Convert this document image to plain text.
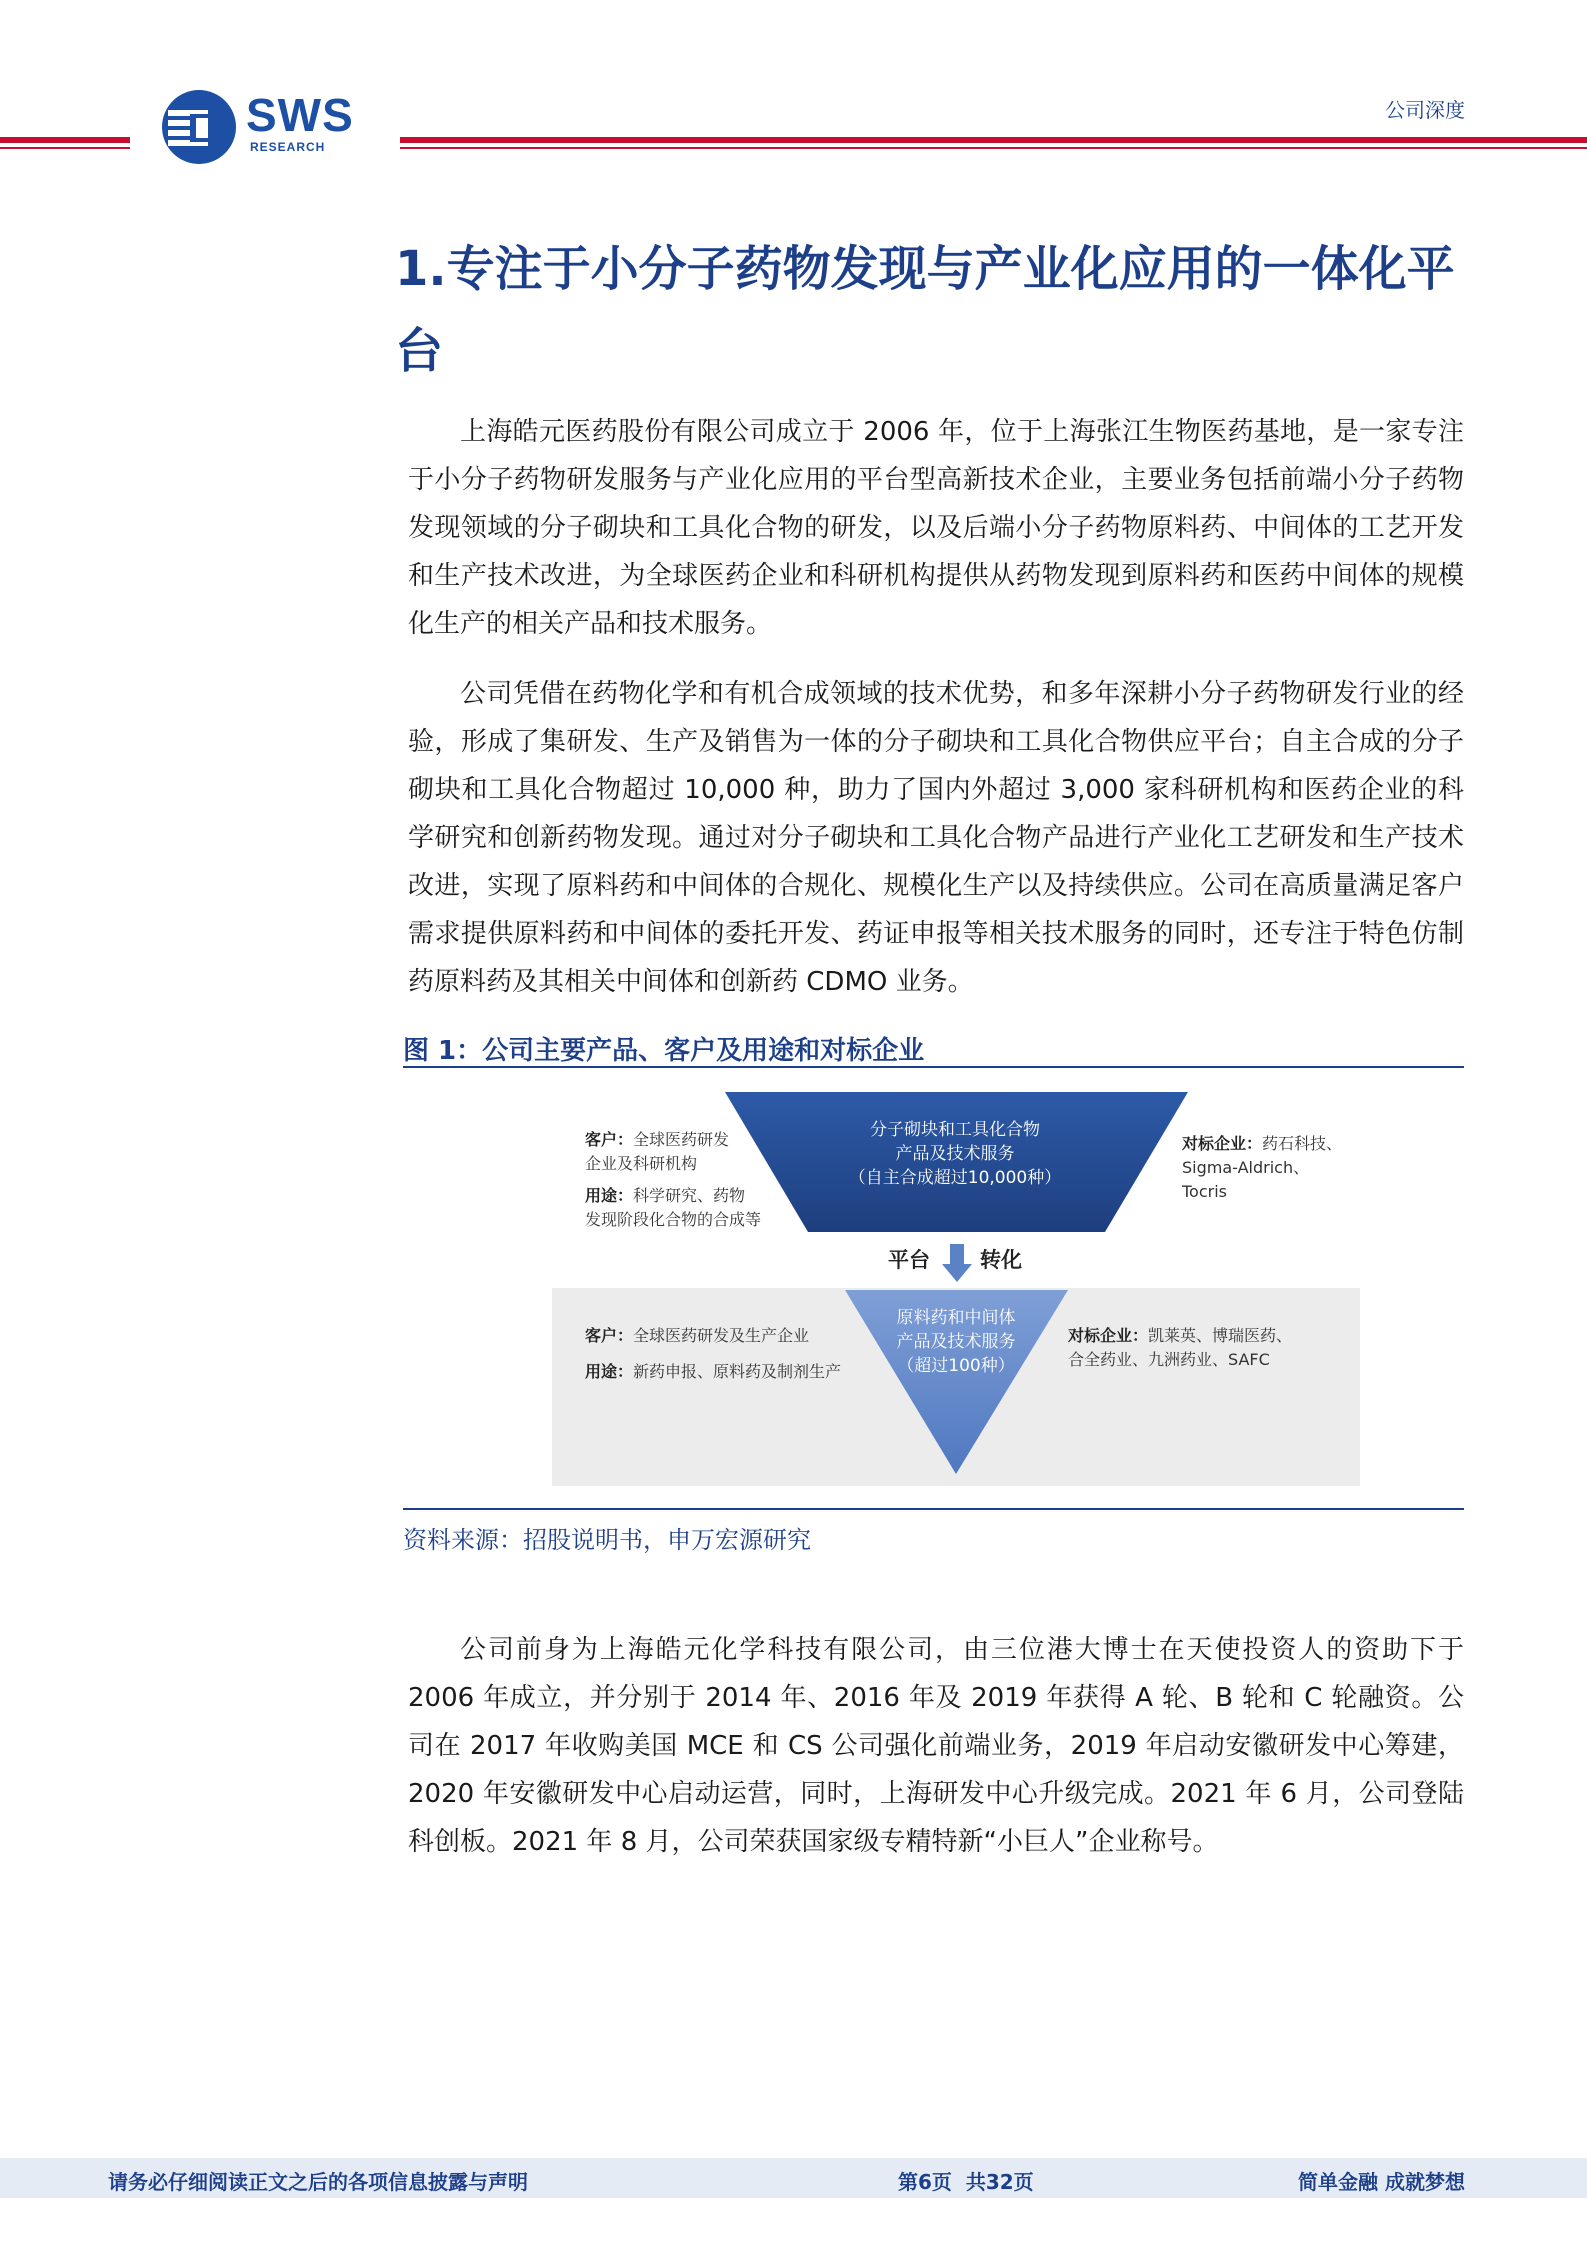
SWS
RESEARCH
公司深度
1.专注于小分子药物发现与产业化应用的一体化平台
上海皓元医药股份有限公司成立于 2006 年，位于上海张江生物医药基地，是一家专注于小分子药物研发服务与产业化应用的平台型高新技术企业，主要业务包括前端小分子药物发现领域的分子砌块和工具化合物的研发，以及后端小分子药物原料药、中间体的工艺开发和生产技术改进，为全球医药企业和科研机构提供从药物发现到原料药和医药中间体的规模化生产的相关产品和技术服务。
公司凭借在药物化学和有机合成领域的技术优势，和多年深耕小分子药物研发行业的经验，形成了集研发、生产及销售为一体的分子砌块和工具化合物供应平台；自主合成的分子砌块和工具化合物超过 10,000 种，助力了国内外超过 3,000 家科研机构和医药企业的科学研究和创新药物发现。通过对分子砌块和工具化合物产品进行产业化工艺研发和生产技术改进，实现了原料药和中间体的合规化、规模化生产以及持续供应。公司在高质量满足客户需求提供原料药和中间体的委托开发、药证申报等相关技术服务的同时，还专注于特色仿制药原料药及其相关中间体和创新药 CDMO 业务。
图 1：公司主要产品、客户及用途和对标企业
客户：全球医药研发
企业及科研机构
用途：科学研究、药物
发现阶段化合物的合成等
分子砌块和工具化合物
产品及技术服务
（自主合成超过10,000种）
对标企业：药石科技、
Sigma-Aldrich、
Tocris
平台 转化
客户：全球医药研发及生产企业
用途：新药申报、原料药及制剂生产
原料药和中间体
产品及技术服务
（超过100种）
对标企业：凯莱英、博瑞医药、
合全药业、九洲药业、SAFC
资料来源：招股说明书，申万宏源研究
公司前身为上海皓元化学科技有限公司，由三位港大博士在天使投资人的资助下于 2006 年成立，并分别于 2014 年、2016 年及 2019 年获得 A 轮、B 轮和 C 轮融资。公司在 2017 年收购美国 MCE 和 CS 公司强化前端业务，2019 年启动安徽研发中心筹建，2020 年安徽研发中心启动运营，同时，上海研发中心升级完成。2021 年 6 月，公司登陆科创板。2021 年 8 月，公司荣获国家级专精特新“小巨人”企业称号。
请务必仔细阅读正文之后的各项信息披露与声明	第6页  共32页	简单金融 成就梦想
